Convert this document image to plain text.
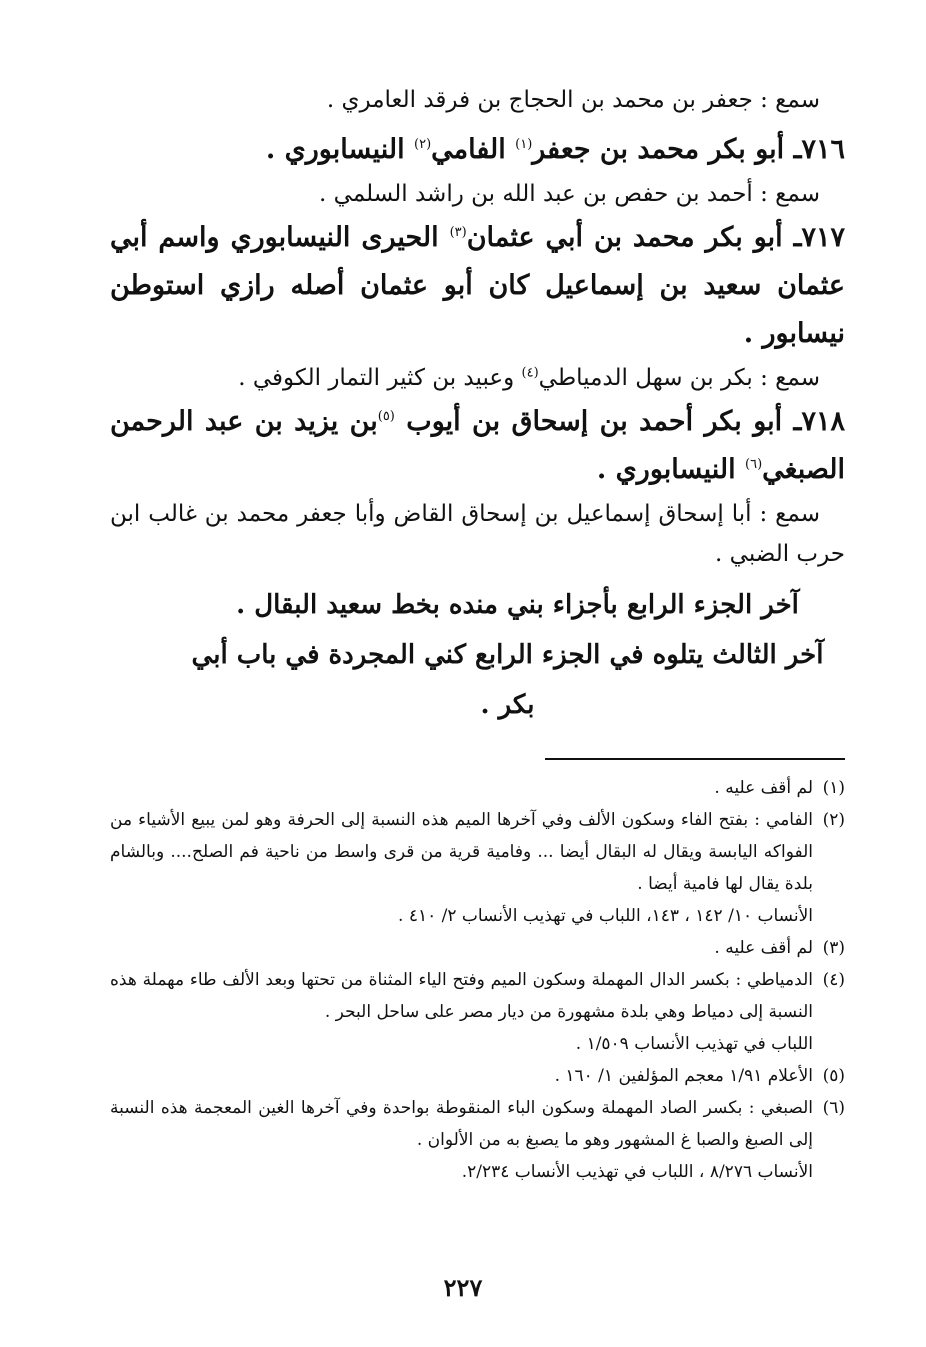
سمع : جعفر بن محمد بن الحجاج بن فرقد العامري .

٧١٦ـ أبو بكر محمد بن جعفر$^{(١)}$ الفامي$^{(٢)}$ النيسابوري .

سمع : أحمد بن حفص بن عبد الله بن راشد السلمي .

٧١٧ـ أبو بكر محمد بن أبي عثمان$^{(٣)}$ الحيرى النيسابوري واسم أبي عثمان سعيد بن إسماعيل كان أبو عثمان أصله رازي استوطن نيسابور .

سمع : بكر بن سهل الدمياطي$^{(٤)}$ وعبيد بن كثير التمار الكوفي .

٧١٨ـ أبو بكر أحمد بن إسحاق بن أيوب $^{(٥)}$بن يزيد بن عبد الرحمن الصبغي$^{(٦)}$ النيسابوري .

سمع : أبا إسحاق إسماعيل بن إسحاق القاض وأبا جعفر محمد بن غالب ابن حرب الضبي .

آخر الجزء الرابع بأجزاء بني منده بخط سعيد البقال .

آخر الثالث يتلوه في الجزء الرابع كني المجردة في باب أبي بكر .

(١)
لم أقف عليه .
(٢)
الفامي : بفتح الفاء وسكون الألف وفي آخرها الميم هذه النسبة إلى الحرفة وهو لمن يبيع الأشياء من الفواكه اليابسة ويقال له البقال أيضا ... وفامية قرية من قرى واسط من ناحية فم الصلح.... وبالشام بلدة يقال لها فامية أيضا .
الأنساب ١٠/ ١٤٢ ، ١٤٣، اللباب في تهذيب الأنساب ٢/ ٤١٠ .
(٣)
لم أقف عليه .
(٤)
الدمياطي : بكسر الدال المهملة وسكون الميم وفتح الياء المثناة من تحتها وبعد الألف طاء مهملة هذه النسبة إلى دمياط وهي بلدة مشهورة من ديار مصر على ساحل البحر .
اللباب في تهذيب الأنساب ١/٥٠٩ .
(٥)
الأعلام ١/٩١ معجم المؤلفين ١/ ١٦٠ .
(٦)
الصبغي : بكسر الصاد المهملة وسكون الباء المنقوطة بواحدة وفي آخرها الغين المعجمة هذه النسبة إلى الصبغ والصبا غ المشهور وهو ما يصبغ به من الألوان .
الأنساب ٨/٢٧٦ ، اللباب في تهذيب الأنساب ٢/٢٣٤.
٢٢٧
